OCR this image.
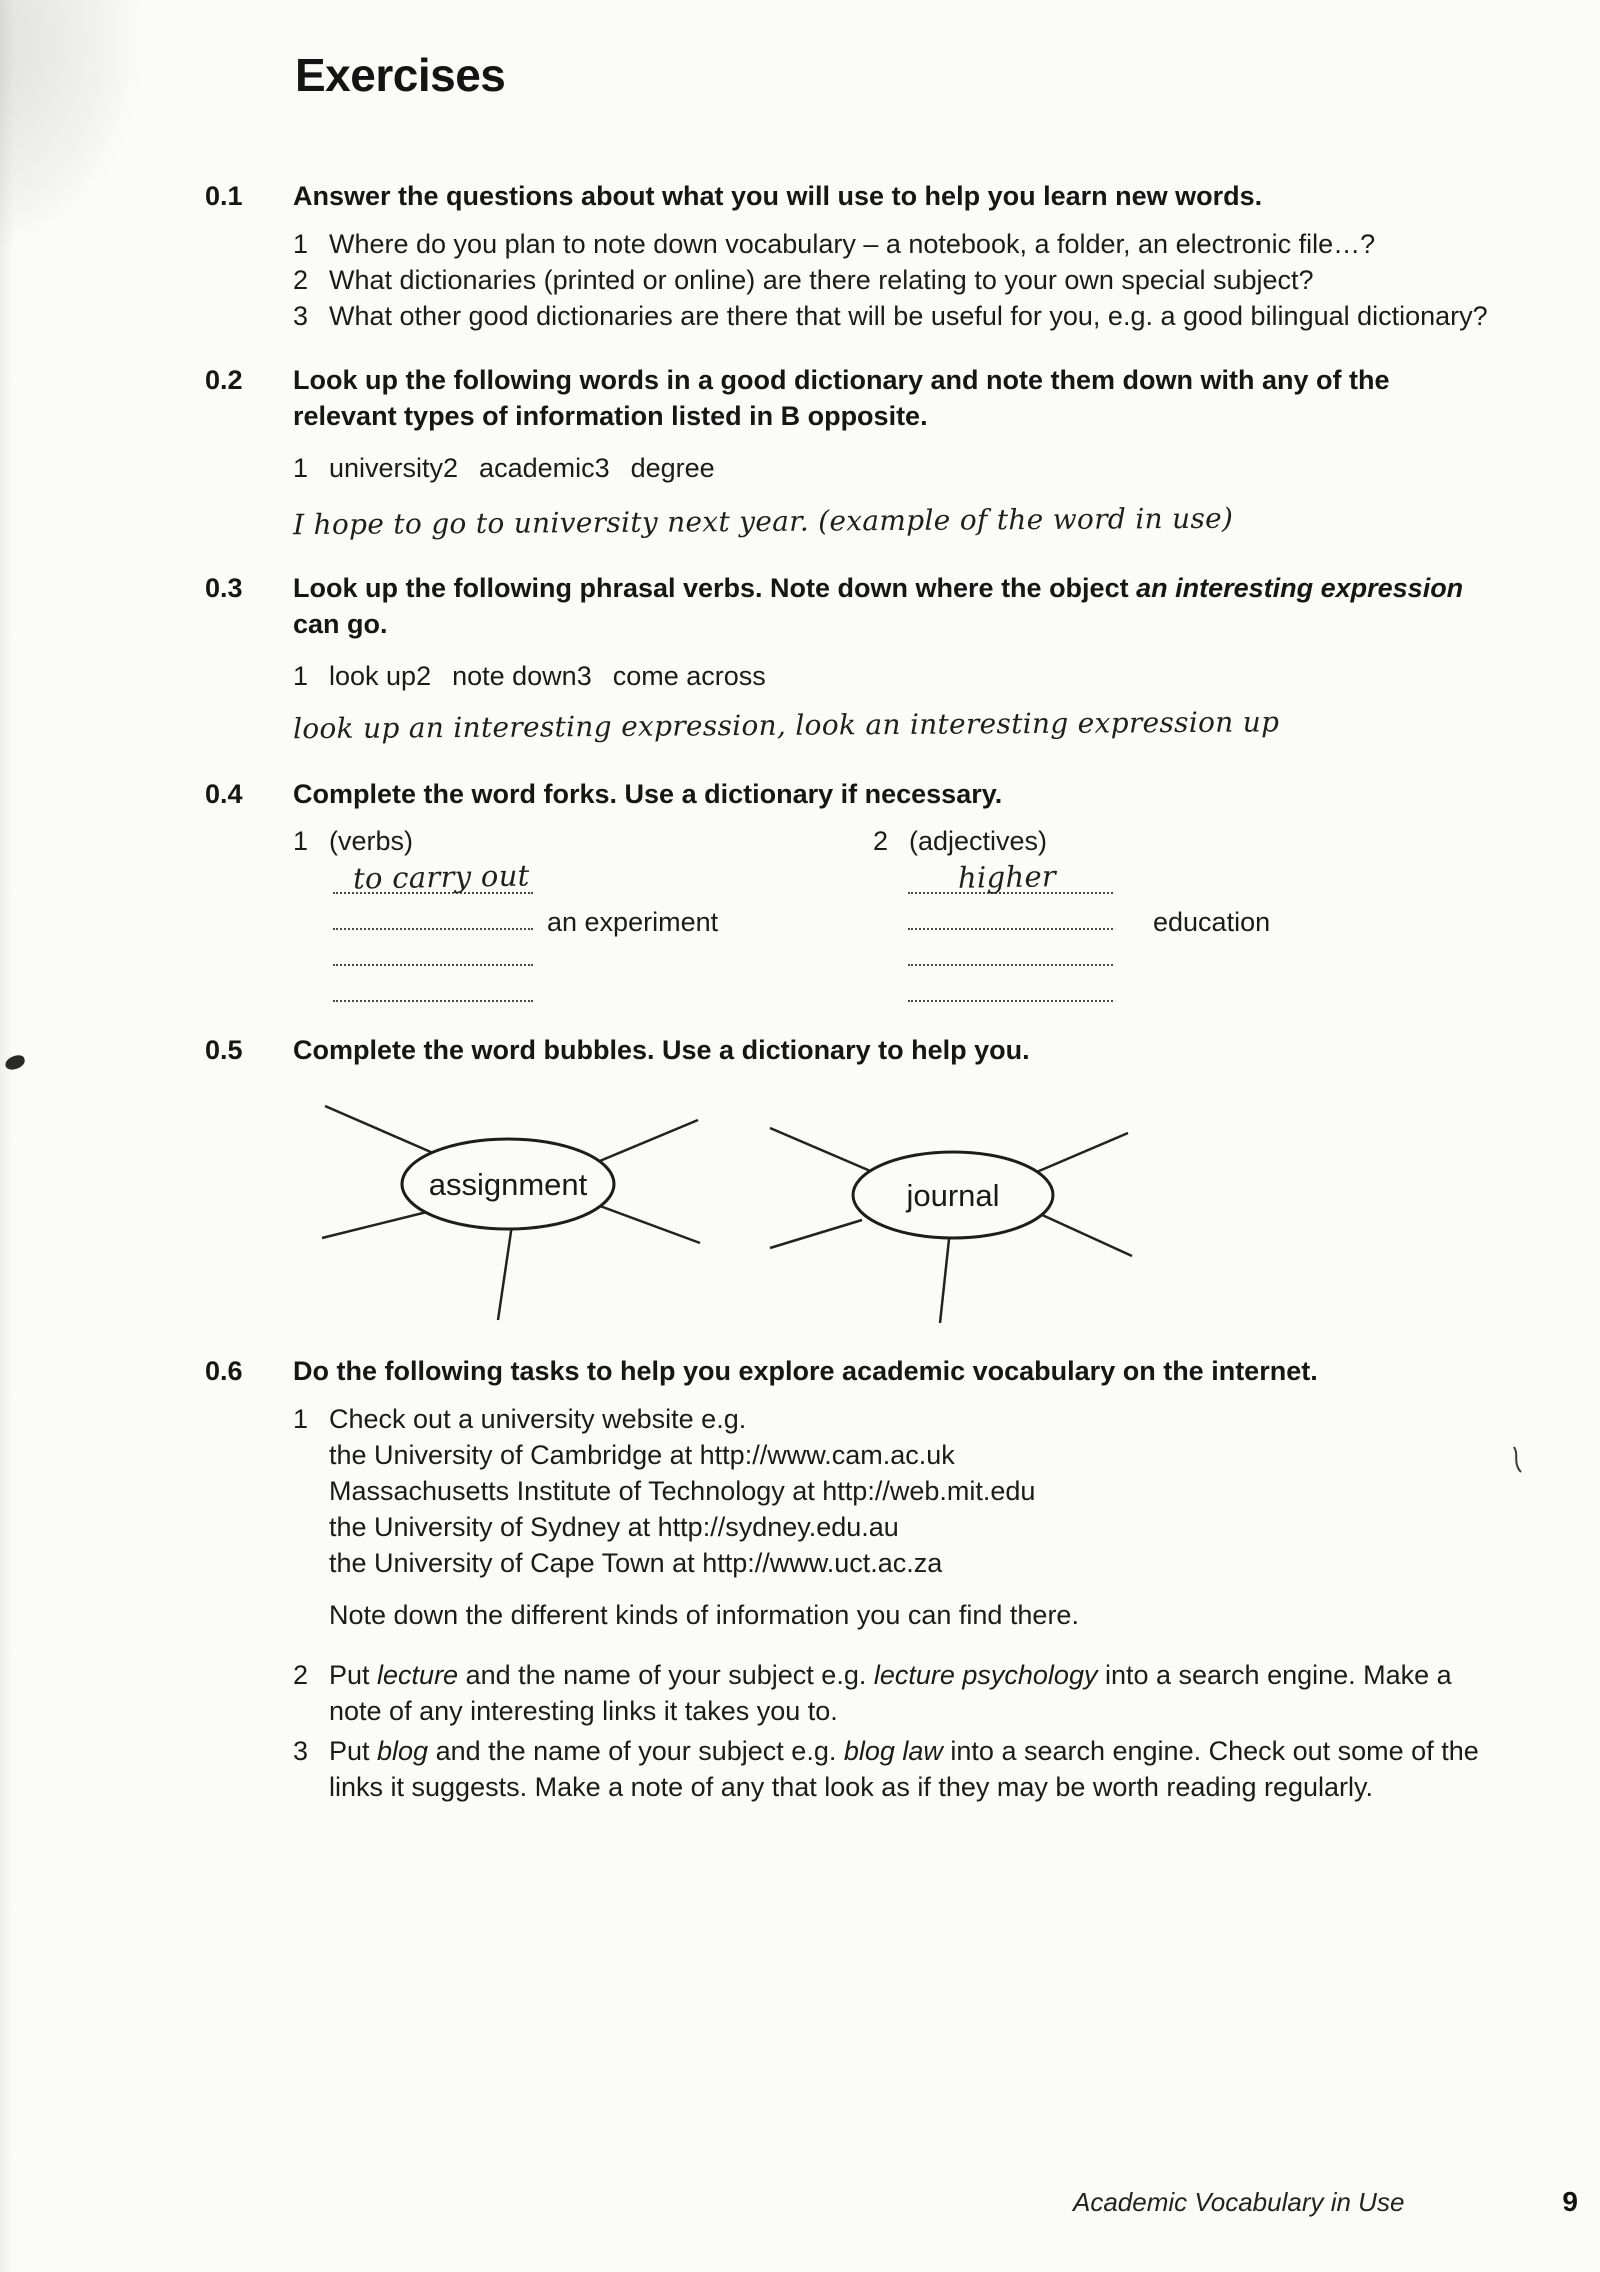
Exercises
0.1	Answer the questions about what you will use to help you learn new words.
1 Where do you plan to note down vocabulary – a notebook, a folder, an electronic file…?
2 What dictionaries (printed or online) are there relating to your own special subject?
3 What other good dictionaries are there that will be useful for you, e.g. a good bilingual dictionary?
0.2	Look up the following words in a good dictionary and note them down with any of the relevant types of information listed in B opposite.
1 university 2 academic 3 degree
I hope to go to university next year. (example of the word in use)
0.3	Look up the following phrasal verbs. Note down where the object an interesting expression can go.
1 look up 2 note down 3 come across
look up an interesting expression, look an interesting expression up
0.4	Complete the word forks. Use a dictionary if necessary.
1 (verbs)
to carry out
an experiment
2 (adjectives)
higher
education
0.5	Complete the word bubbles. Use a dictionary to help you.
assignment	journal
0.6	Do the following tasks to help you explore academic vocabulary on the internet.
1 Check out a university website e.g.
the University of Cambridge at http://www.cam.ac.uk
Massachusetts Institute of Technology at http://web.mit.edu
the University of Sydney at http://sydney.edu.au
the University of Cape Town at http://www.uct.ac.za
Note down the different kinds of information you can find there.
2 Put lecture and the name of your subject e.g. lecture psychology into a search engine. Make a note of any interesting links it takes you to.
3 Put blog and the name of your subject e.g. blog law into a search engine. Check out some of the links it suggests. Make a note of any that look as if they may be worth reading regularly.
Academic Vocabulary in Use	9
